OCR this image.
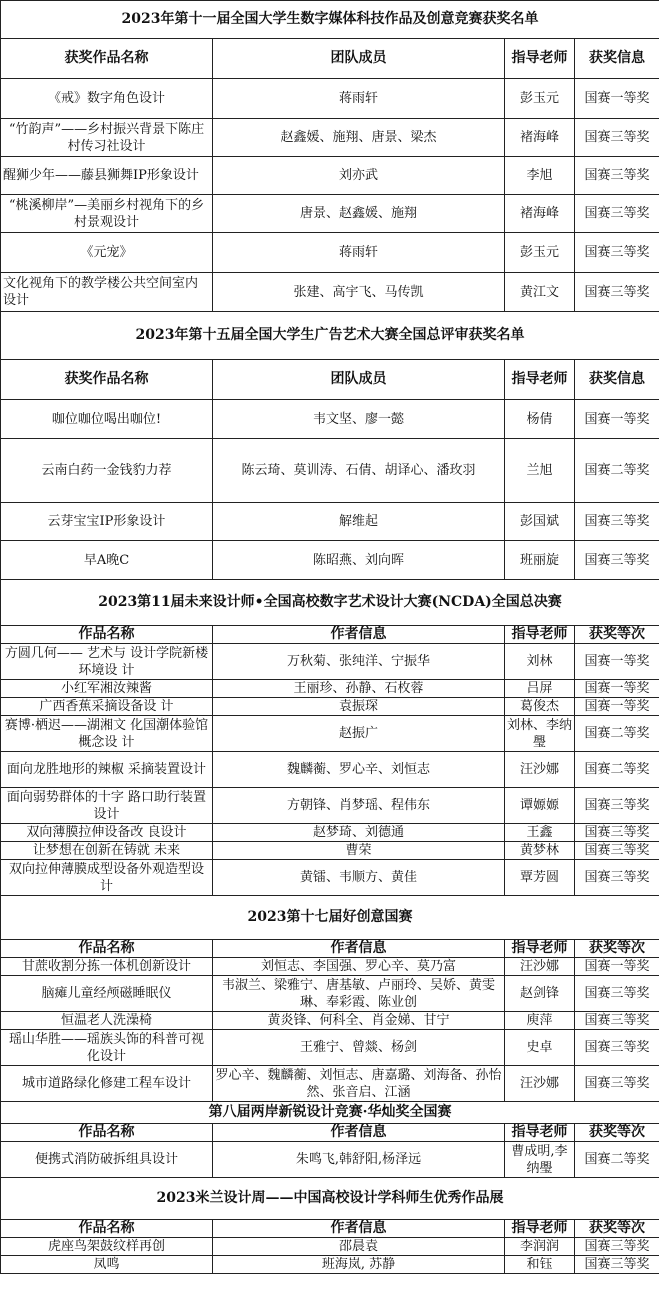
2023年第十一届全国大学生数字媒体科技作品及创意竞赛获奖名单			
获奖作品名称	团队成员	指导老师	获奖信息
《戒》数字角色设计	蒋雨轩	彭玉元	国赛一等奖
“竹韵声”——乡村振兴背景下陈庄村传习社设计	赵鑫媛、施翔、唐景、梁杰	褚海峰	国赛三等奖
醒狮少年——藤县狮舞IP形象设计	刘亦武	李旭	国赛三等奖
“桃溪柳岸”—美丽乡村视角下的乡村景观设计	唐景、赵鑫媛、施翔	褚海峰	国赛三等奖
《元宠》	蒋雨轩	彭玉元	国赛三等奖
文化视角下的教学楼公共空间室内设计	张建、高宇飞、马传凯	黄江文	国赛三等奖
2023年第十五届全国大学生广告艺术大赛全国总评审获奖名单			
获奖作品名称	团队成员	指导老师	获奖信息
咖位咖位喝出咖位!	韦文坚、廖一懿	杨倩	国赛一等奖
云南白药一金钱豹力荐	陈云琦、莫训涛、石倩、胡译心、潘玫羽	兰旭	国赛二等奖
云芽宝宝IP形象设计	解维起	彭国斌	国赛三等奖
早A晚C	陈昭燕、刘向晖	班丽旋	国赛三等奖
2023第11届未来设计师•全国高校数字艺术设计大赛(NCDA)全国总决赛			
作品名称	作者信息	指导老师	获奖等次
方圆几何—— 艺术与 设计学院新楼环境设 计	万秋菊、张纯洋、宁振华	刘林	国赛一等奖
小红军湘汝辣酱	王丽珍、孙静、石枚蓉	吕屏	国赛一等奖
广西香蕉采摘设备设 计	袁振琛	葛俊杰	国赛一等奖
赛博·栖迟——湖湘文 化国潮体验馆概念设 计	赵振广	刘林、李纳璺	国赛二等奖
面向龙胜地形的辣椒 采摘装置设计	魏麟蘅、罗心辛、刘恒志	汪沙娜	国赛二等奖
面向弱势群体的十字 路口助行装置设计	方朝锋、肖梦瑶、程伟东	谭嫄嫄	国赛三等奖
双向薄膜拉伸设备改 良设计	赵梦琦、刘德通	王鑫	国赛三等奖
让梦想在创新在铸就 未来	曹荣	黄梦林	国赛三等奖
双向拉伸薄膜成型设备外观造型设计	黄镭、韦顺方、黄佳	覃芳圆	国赛三等奖
2023第十七届好创意国赛			
作品名称	作者信息	指导老师	获奖等次
甘蔗收割分拣一体机创新设计	刘恒志、李国强、罗心辛、莫乃富	汪沙娜	国赛一等奖
脑瘫儿童经颅磁睡眠仪	韦淑兰、梁雅宁、唐基敏、卢丽玲、吴娇、黄雯琳、奉彩霞、陈业创	赵剑锋	国赛三等奖
恒温老人洗澡椅	黄炎锋、何科全、肖金娣、甘宁	庾萍	国赛三等奖
瑶山华胜——瑶族头饰的科普可视化设计	王雅宁、曾燚、杨剑	史卓	国赛三等奖
城市道路绿化修建工程车设计	罗心辛、魏麟蘅、刘恒志、唐嘉璐、刘海备、孙怡然、张音启、江涵	汪沙娜	国赛三等奖
第八届两岸新锐设计竞赛·华灿奖全国赛			
作品名称	作者信息	指导老师	获奖等次
便携式消防破拆组具设计	朱鸣飞,韩舒阳,杨泽远	曹成明,李纳璺	国赛二等奖
2023米兰设计周——中国高校设计学科师生优秀作品展			
作品名称	作者信息	指导老师	获奖等次
虎座鸟架鼓纹样再创	邵晨袁	李润润	国赛三等奖
凤鸣	班海岚, 苏静	和钰	国赛三等奖
